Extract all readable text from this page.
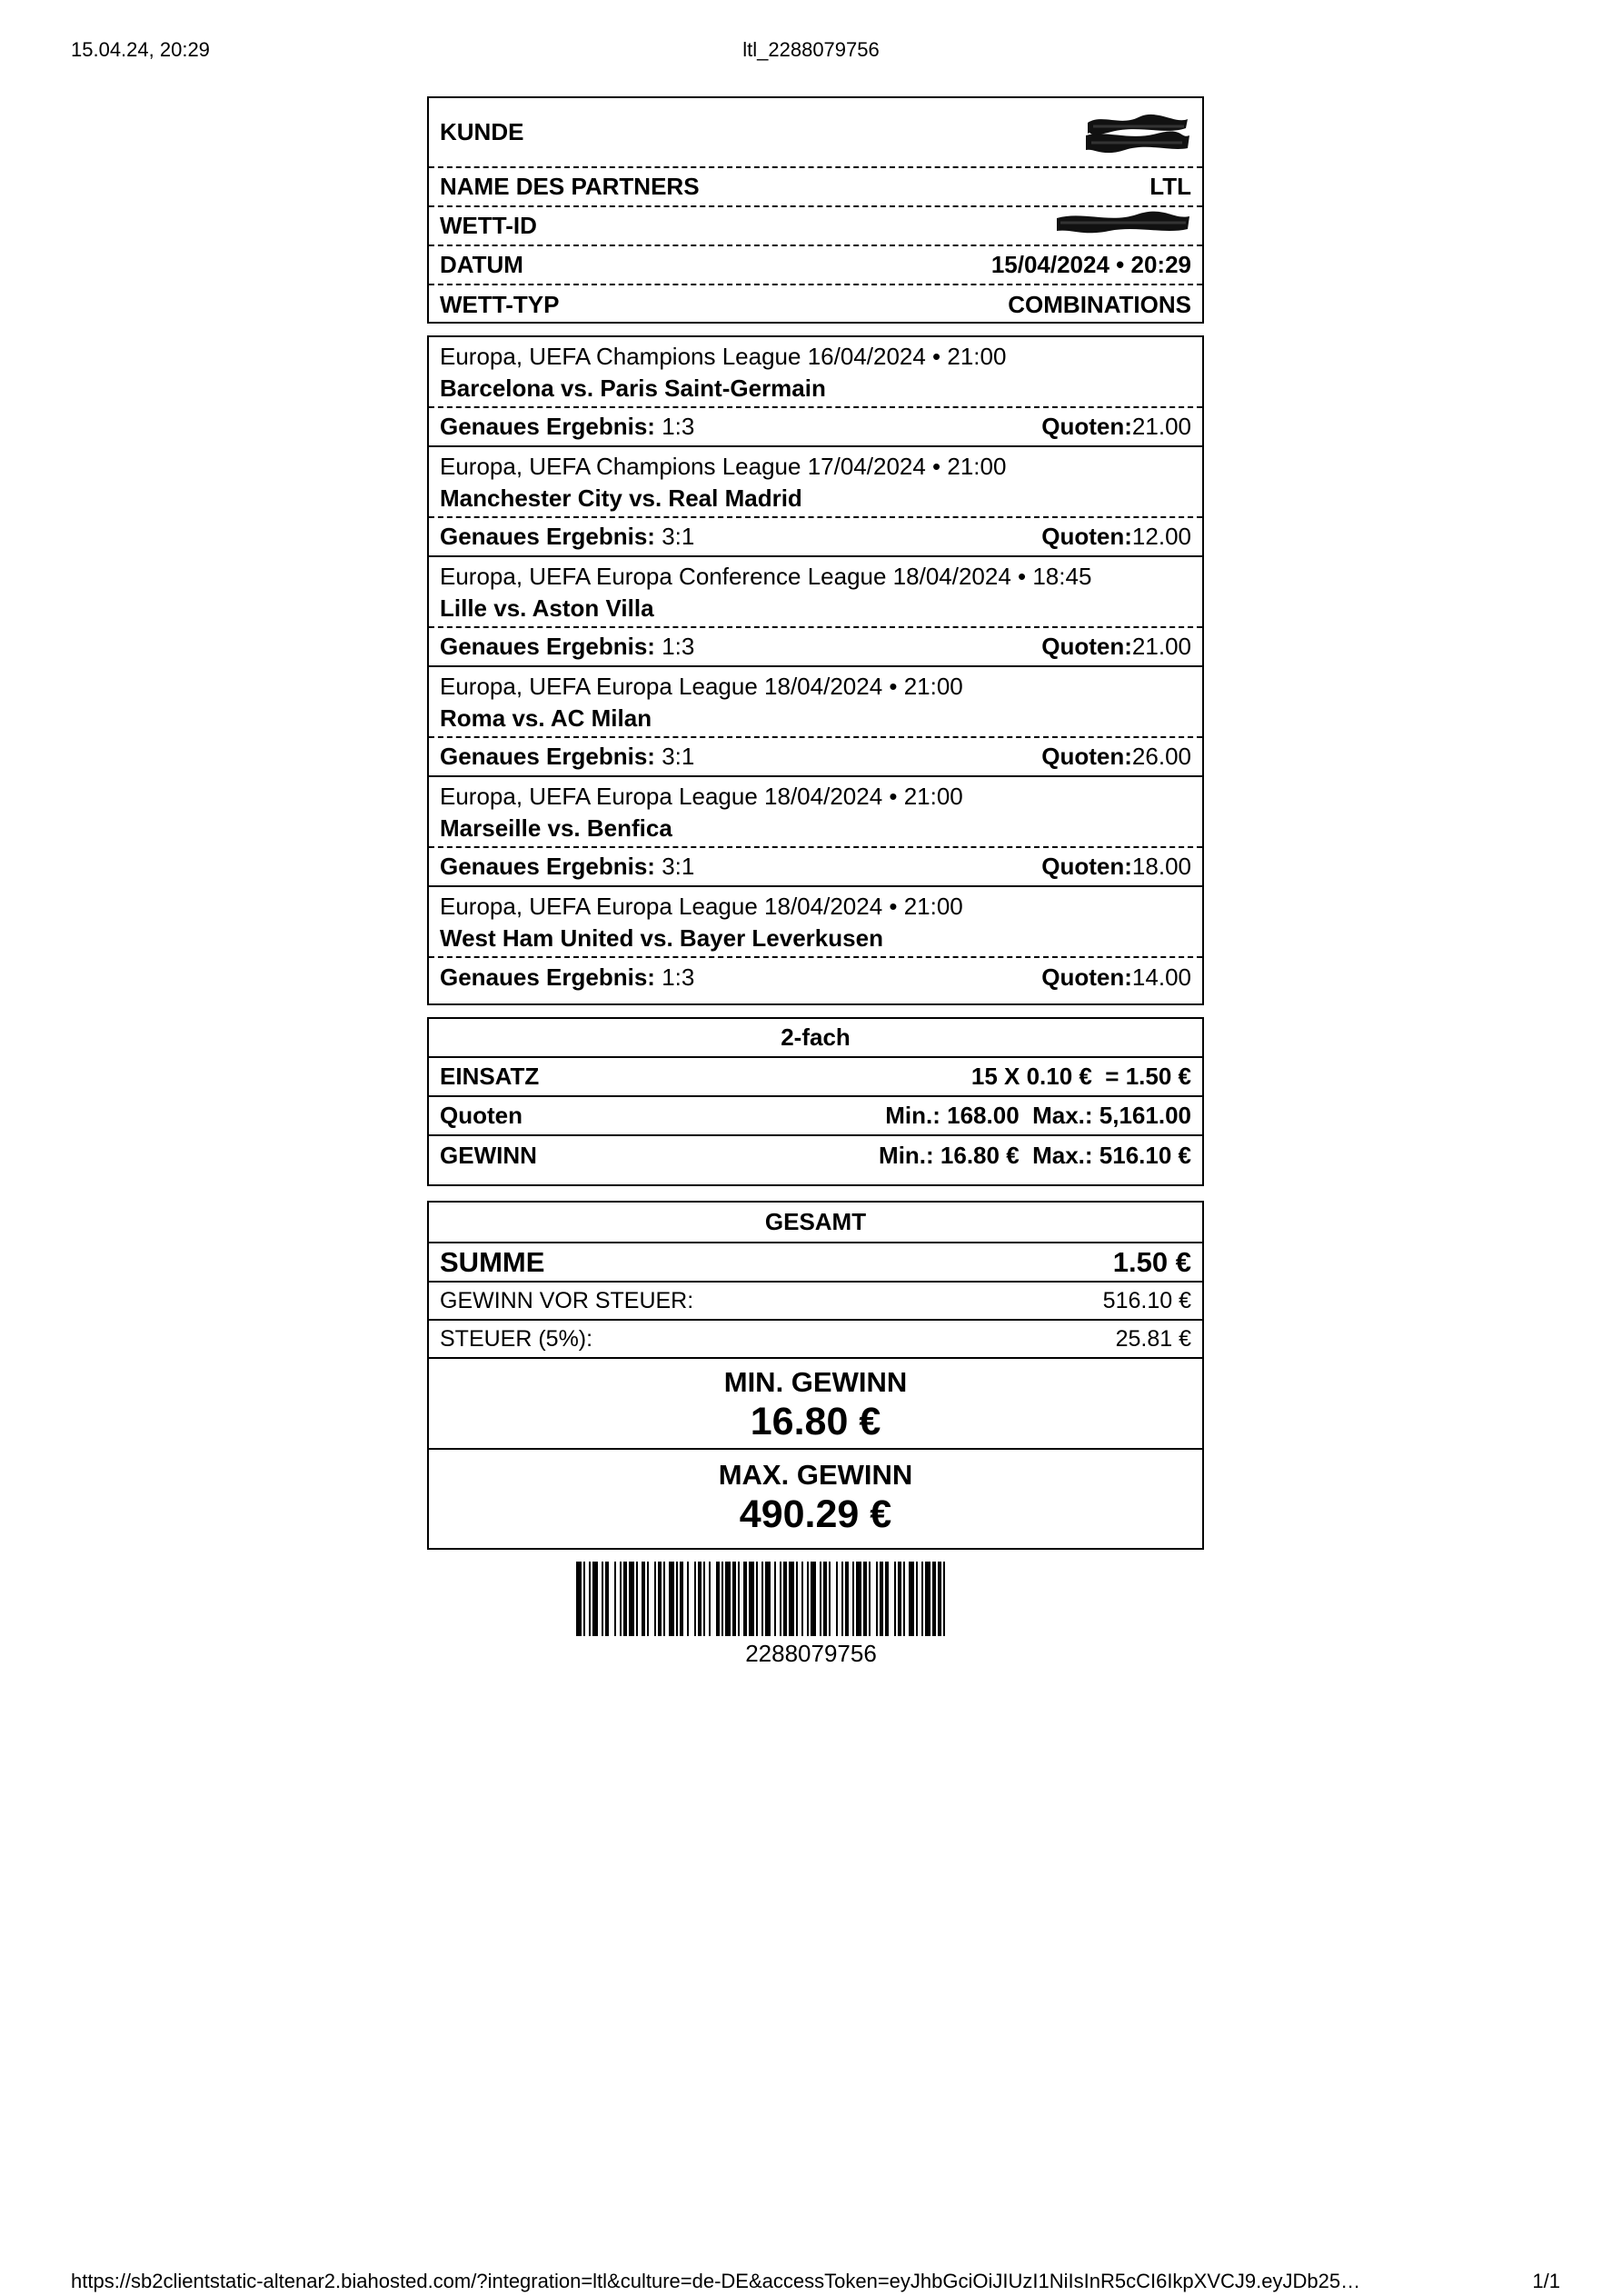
15.04.24, 20:29	ltl_2288079756
KUNDE
NAME DES PARTNERS	LTL
WETT-ID
DATUM	15/04/2024 • 20:29
WETT-TYP	COMBINATIONS
Europa, UEFA Champions League 16/04/2024 • 21:00
Barcelona vs. Paris Saint-Germain
Genaues Ergebnis: 1:3	Quoten:21.00
Europa, UEFA Champions League 17/04/2024 • 21:00
Manchester City vs. Real Madrid
Genaues Ergebnis: 3:1	Quoten:12.00
Europa, UEFA Europa Conference League 18/04/2024 • 18:45
Lille vs. Aston Villa
Genaues Ergebnis: 1:3	Quoten:21.00
Europa, UEFA Europa League 18/04/2024 • 21:00
Roma vs. AC Milan
Genaues Ergebnis: 3:1	Quoten:26.00
Europa, UEFA Europa League 18/04/2024 • 21:00
Marseille vs. Benfica
Genaues Ergebnis: 3:1	Quoten:18.00
Europa, UEFA Europa League 18/04/2024 • 21:00
West Ham United vs. Bayer Leverkusen
Genaues Ergebnis: 1:3	Quoten:14.00
2-fach
EINSATZ	15 X 0.10 €  = 1.50 €
Quoten	Min.: 168.00  Max.: 5,161.00
GEWINN	Min.: 16.80 €  Max.: 516.10 €
GESAMT
SUMME	1.50 €
GEWINN VOR STEUER:	516.10 €
STEUER (5%):	25.81 €
MIN. GEWINN
16.80 €
MAX. GEWINN
490.29 €
2288079756
https://sb2clientstatic-altenar2.biahosted.com/?integration=ltl&culture=de-DE&accessToken=eyJhbGciOiJIUzI1NiIsInR5cCI6IkpXVCJ9.eyJDb25…	1/1
